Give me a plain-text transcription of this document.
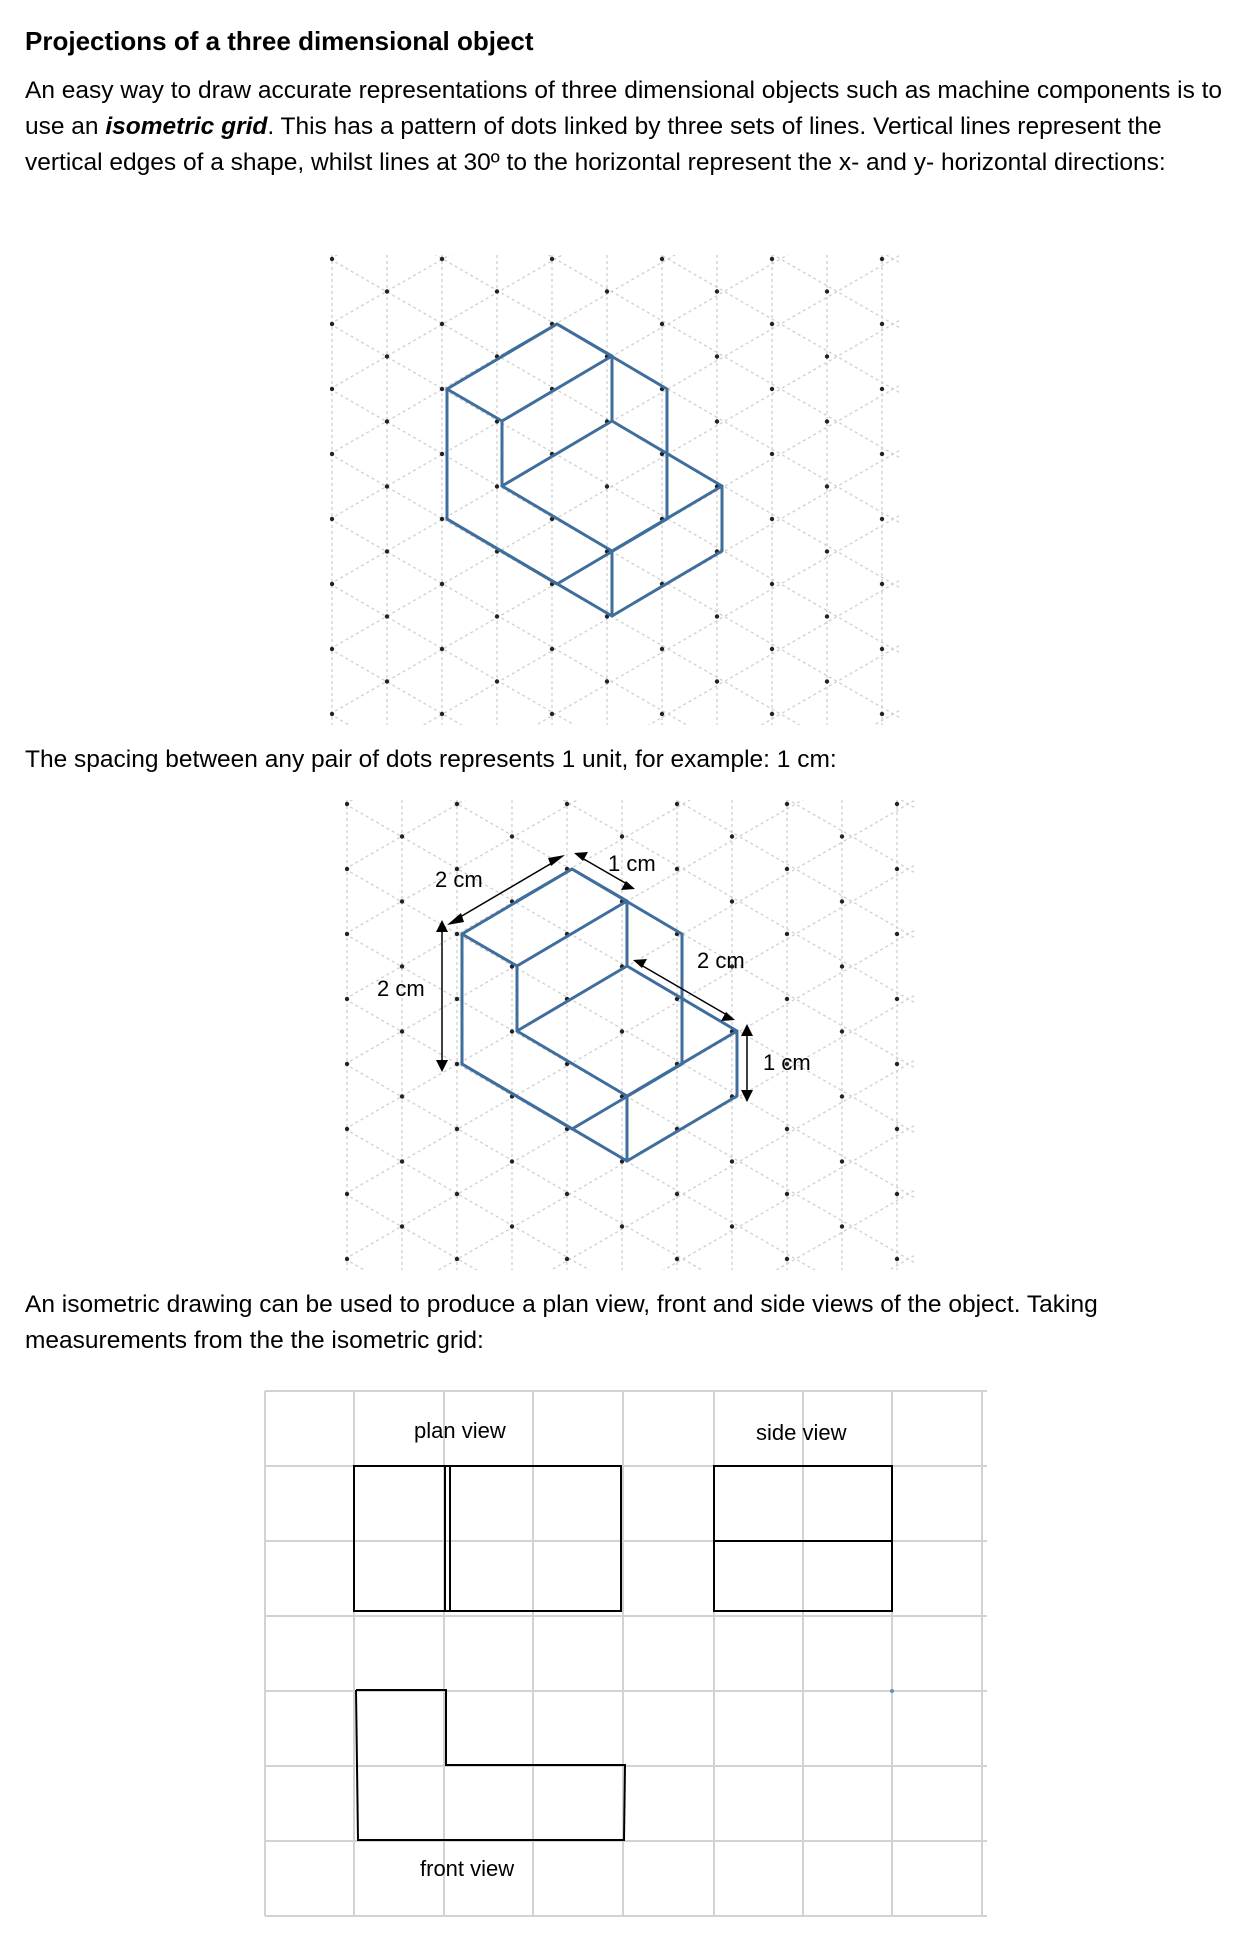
Projections of a three dimensional object

An easy way to draw accurate representations of three dimensional objects such as machine components is to use an isometric grid. This has a pattern of dots linked by three sets of lines. Vertical lines represent the vertical edges of a shape, whilst lines at 30º to the horizontal represent the x- and y- horizontal directions:

The spacing between any pair of dots represents 1 unit, for example: 1 cm:

2 cm
1 cm
2 cm
2 cm
1 cm

An isometric drawing can be used to produce a plan view, front and side views of the object. Taking measurements from the the isometric grid:

plan view	side view
front view
